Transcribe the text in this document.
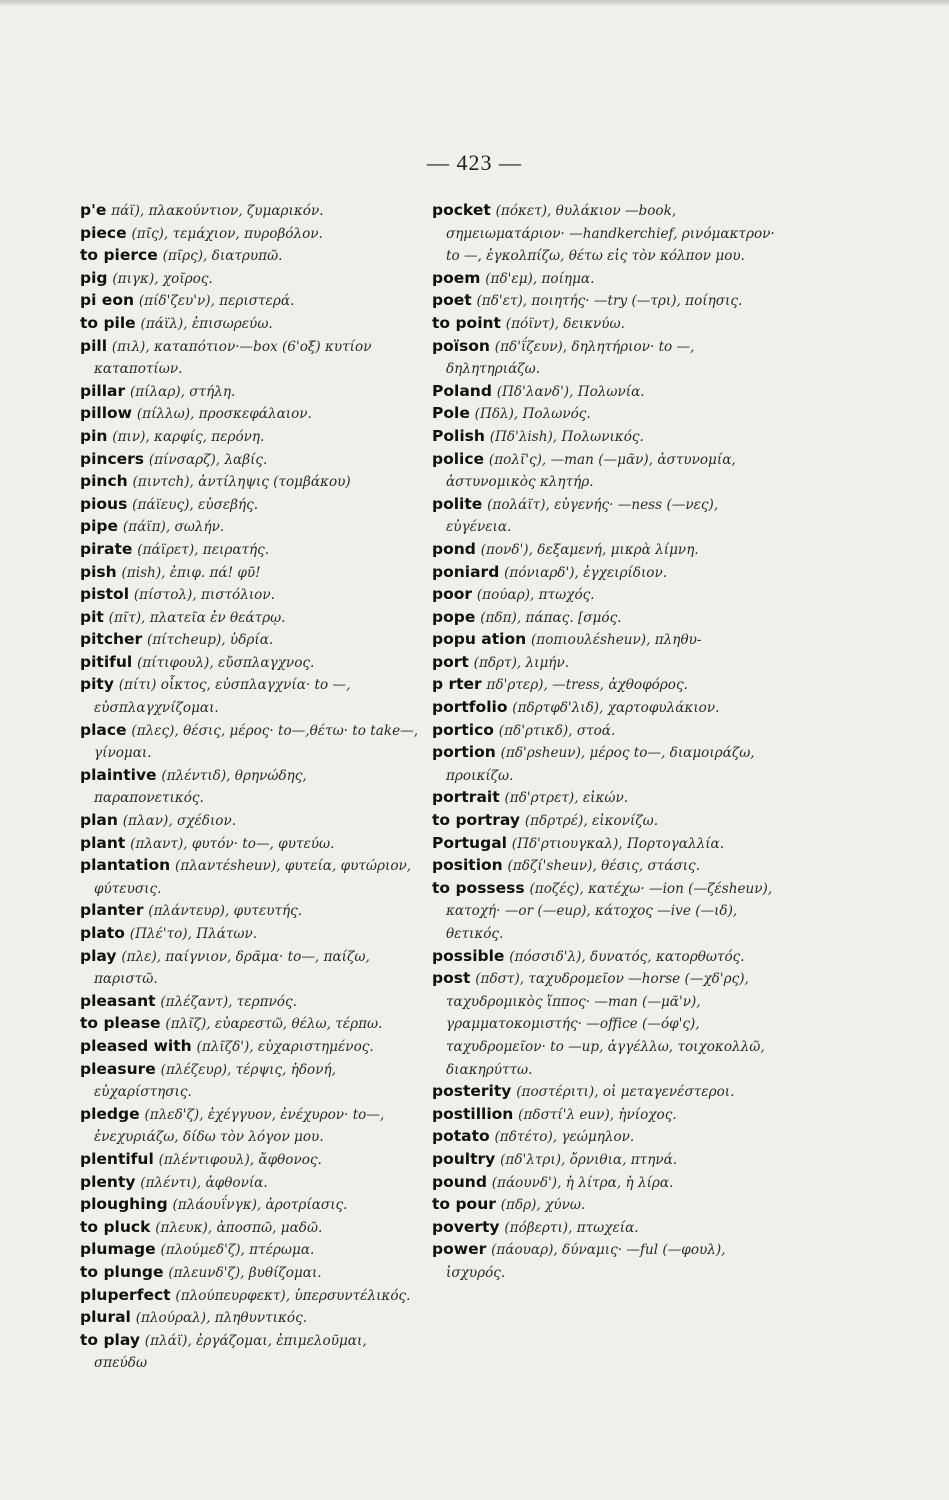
— 423 —

p'e πάϊ), πλακούντιον, ζυμαρικόν.

piece (πῖς), τεμάχιον, πυροβόλον.

to pierce (πῖρς), διατρυπῶ.

pig (πιγκ), χοῖρος.

pi eon (πίδ'ζευ'ν), περιστερά.

to pile (πάϊλ), ἐπισωρεύω.

pill (πιλ), καταπότιον·—box (6'οξ) κυτίον καταποτίων.

pillar (πίλαρ), στήλη.

pillow (πίλλω), προσκεφάλαιον.

pin (πιν), καρφίς, περόνη.

pincers (πίνσαρζ), λαβίς.

pinch (πιντch), ἀντίληψις (τομβάκου)

pious (πάϊευς), εὐσεβής.

pipe (πάϊπ), σωλήν.

pirate (πάϊρετ), πειρατής.

pish (πish), ἐπιφ. πά! φῦ!

pistol (πίστολ), πιστόλιον.

pit (πῖτ), πλατεῖα ἐν θεάτρῳ.

pitcher (πίτcheup), ὑδρία.

pitiful (πίτιφουλ), εὔσπλαγχνος.

pity (πίτι) οἶκτος, εὐσπλαγχνία· to —, εὐσπλαγχνίζομαι.

place (πλες), θέσις, μέρος· to—,θέτω· to take—, γίνομαι.

plaintive (πλέντιδ), θρηνώδης, παραπονετικός.

plan (πλαν), σχέδιον.

plant (πλαντ), φυτόν· to—, φυτεύω.

plantation (πλαντέsheuν), φυτεία, φυτώριον, φύτευσις.

planter (πλάντευρ), φυτευτής.

plato (Πλέ'το), Πλάτων.

play (πλε), παίγνιον, δρᾶμα· to—, παίζω, παριστῶ.

pleasant (πλέζαντ), τερπνός.

to please (πλῖζ), εὐαρεστῶ, θέλω, τέρπω.

pleased with (πλῖζδ'), εὐχαριστημένος.

pleasure (πλέζευρ), τέρψις, ἡδονή, εὐχαρίστησις.

pledge (πλεδ'ζ), ἐχέγγυον, ἐνέχυρον· to—, ἐνεχυριάζω, δίδω τὸν λόγον μου.

plentiful (πλέντιφουλ), ἄφθονος.

plenty (πλέντι), ἀφθονία.

ploughing (πλάουΐνγκ), ἀροτρίασις.

to pluck (πλευκ), ἀποσπῶ, μαδῶ.

plumage (πλούμεδ'ζ), πτέρωμα.

to plunge (πλεuνδ'ζ), βυθίζομαι.

pluperfect (πλούπευρφεκτ), ὑπερσυντέλικός.

plural (πλούραλ), πληθυντικός.

to play (πλάϊ), ἐργάζομαι, ἐπιμελοῦμαι, σπεύδω

pocket (πόκετ), θυλάκιον —book, σημειωματάριον· —handkerchief, ρινόμακτρον· to —, ἐγκολπίζω, θέτω εἰς τὸν κόλπον μου.

poem (πδ'εμ), ποίημα.

poet (πδ'ετ), ποιητής· —try (—τρι), ποίησις.

to point (πόϊντ), δεικνύω.

poïson (πδ'ΐζευν), δηλητήριον· to —, δηλητηριάζω.

Poland (Πδ'λανδ'), Πολωνία.

Pole (Πδλ), Πολωνός.

Polish (Πδ'λish), Πολωνικός.

police (πολῖ'ς), —man (—μᾶν), ἀστυνομία, ἀστυνομικὸς κλητήρ.

polite (πολάϊτ), εὐγενής· —ness (—νες), εὐγένεια.

pond (πονδ'), δεξαμενή, μικρὰ λίμνη.

poniard (πόνιαρδ'), ἐγχειρίδιον.

poor (πούαρ), πτωχός.

pope (πδπ), πάπας. [σμός.

popu ation (ποπιουλέsheuν), πληθυ-

port (πδρτ), λιμήν.

p rter πδ'ρτερ), —tress, ἀχθοφόρος.

portfolio (πδρτφδ'λιδ), χαρτοφυλάκιον.

portico (πδ'ρτικδ), στοά.

portion (πδ'ρsheuν), μέρος to—, διαμοιράζω, προικίζω.

portrait (πδ'ρτρετ), εἰκών.

to portray (πδρτρέ), εἰκονίζω.

Portugal (Πδ'ρτιουγκαλ), Πορτογαλλία.

position (πδζί'sheuν), θέσις, στάσις.

to possess (ποζές), κατέχω· —ion (—ζέsheuν), κατοχή· —or (—euρ), κάτοχος —ive (—ιδ), θετικός.

possible (πόσσιδ'λ), δυνατός, κατορθωτός.

post (πδστ), ταχυδρομεῖον —horse (—χδ'ρς), ταχυδρομικὸς ἵππος· —man (—μᾶ'ν), γραμματοκομιστής· —office (—όφ'ς), ταχυδρομεῖον· to —up, ἀγγέλλω, τοιχοκολλῶ, διακηρύττω.

posterity (ποστέριτι), οἱ μεταγενέστεροι.

postillion (πδστί'λ euν), ἡνίοχος.

potato (πδτέτο), γεώμηλον.

poultry (πδ'λτρι), ὄρνιθια, πτηνά.

pound (πάουνδ'), ἡ λίτρα, ἡ λίρα.

to pour (πδρ), χύνω.

poverty (πόβερτι), πτωχεία.

power (πάουαρ), δύναμις· —ful (—φουλ), ἰσχυρός.
